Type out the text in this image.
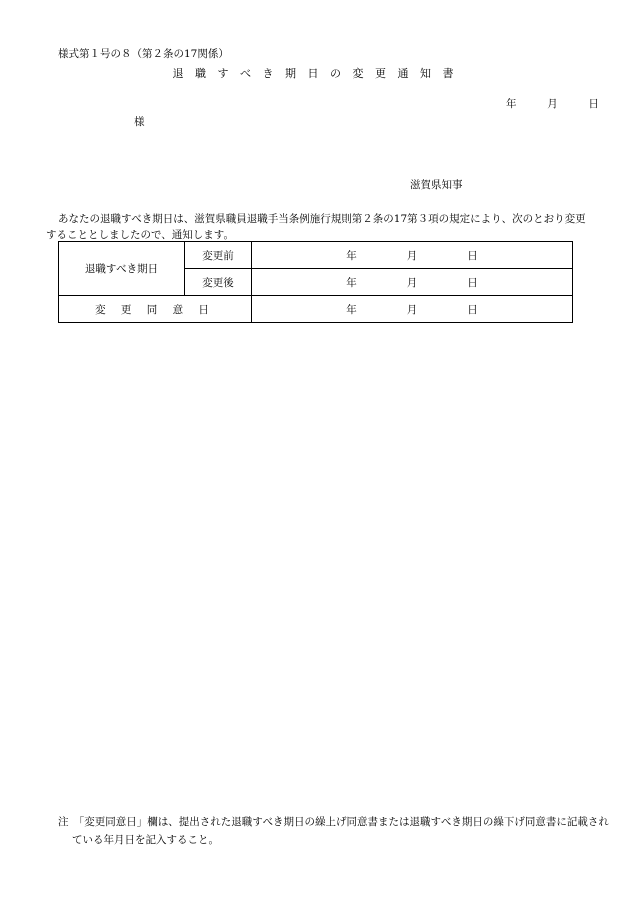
様式第１号の８（第２条の17関係）
退 職 す べ き 期 日 の 変 更 通 知 書
年	月	日
様
滋賀県知事
あなたの退職すべき期日は、滋賀県職員退職手当条例施行規則第２条の17第３項の規定により、次のとおり変更することとしましたので、通知します。
退職すべき期日	変更前	年 月 日
	変更後	年 月 日
変 更 同 意 日		年 月 日
注　「変更同意日」欄は、提出された退職すべき期日の繰上げ同意書または退職すべき期日の繰下げ同意書に記載されている年月日を記入すること。
